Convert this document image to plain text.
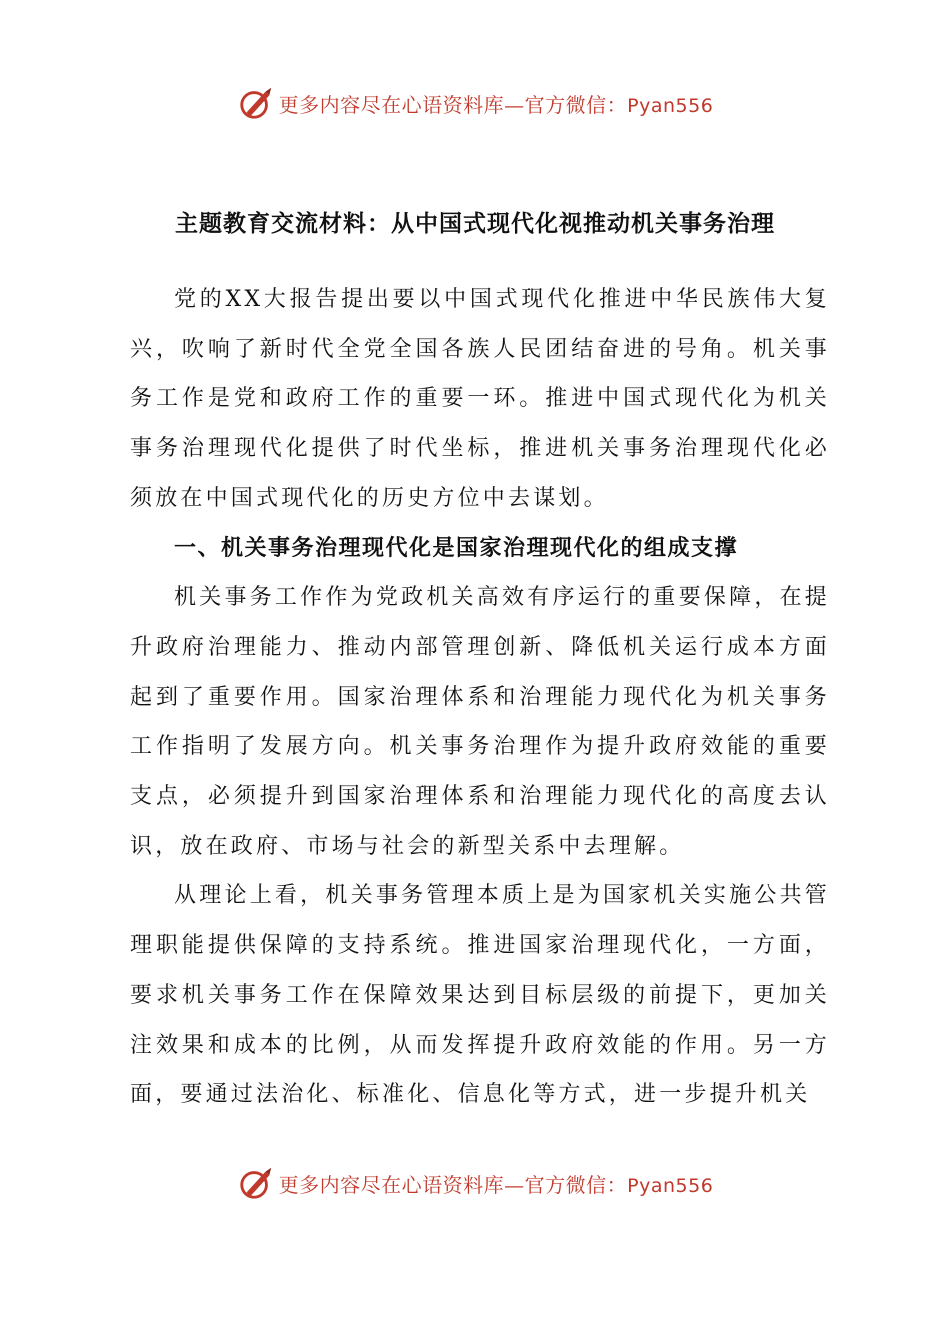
更多内容尽在心语资料库—官方微信：Pyan556
主题教育交流材料：从中国式现代化视推动机关事务治理

党的XX大报告提出要以中国式现代化推进中华民族伟大复兴，吹响了新时代全党全国各族人民团结奋进的号角。机关事务工作是党和政府工作的重要一环。推进中国式现代化为机关事务治理现代化提供了时代坐标，推进机关事务治理现代化必须放在中国式现代化的历史方位中去谋划。

一、机关事务治理现代化是国家治理现代化的组成支撑

机关事务工作作为党政机关高效有序运行的重要保障，在提升政府治理能力、推动内部管理创新、降低机关运行成本方面起到了重要作用。国家治理体系和治理能力现代化为机关事务工作指明了发展方向。机关事务治理作为提升政府效能的重要支点，必须提升到国家治理体系和治理能力现代化的高度去认识，放在政府、市场与社会的新型关系中去理解。

从理论上看，机关事务管理本质上是为国家机关实施公共管理职能提供保障的支持系统。推进国家治理现代化，一方面，要求机关事务工作在保障效果达到目标层级的前提下，更加关注效果和成本的比例，从而发挥提升政府效能的作用。另一方面，要通过法治化、标准化、信息化等方式，进一步提升机关

更多内容尽在心语资料库—官方微信：Pyan556
